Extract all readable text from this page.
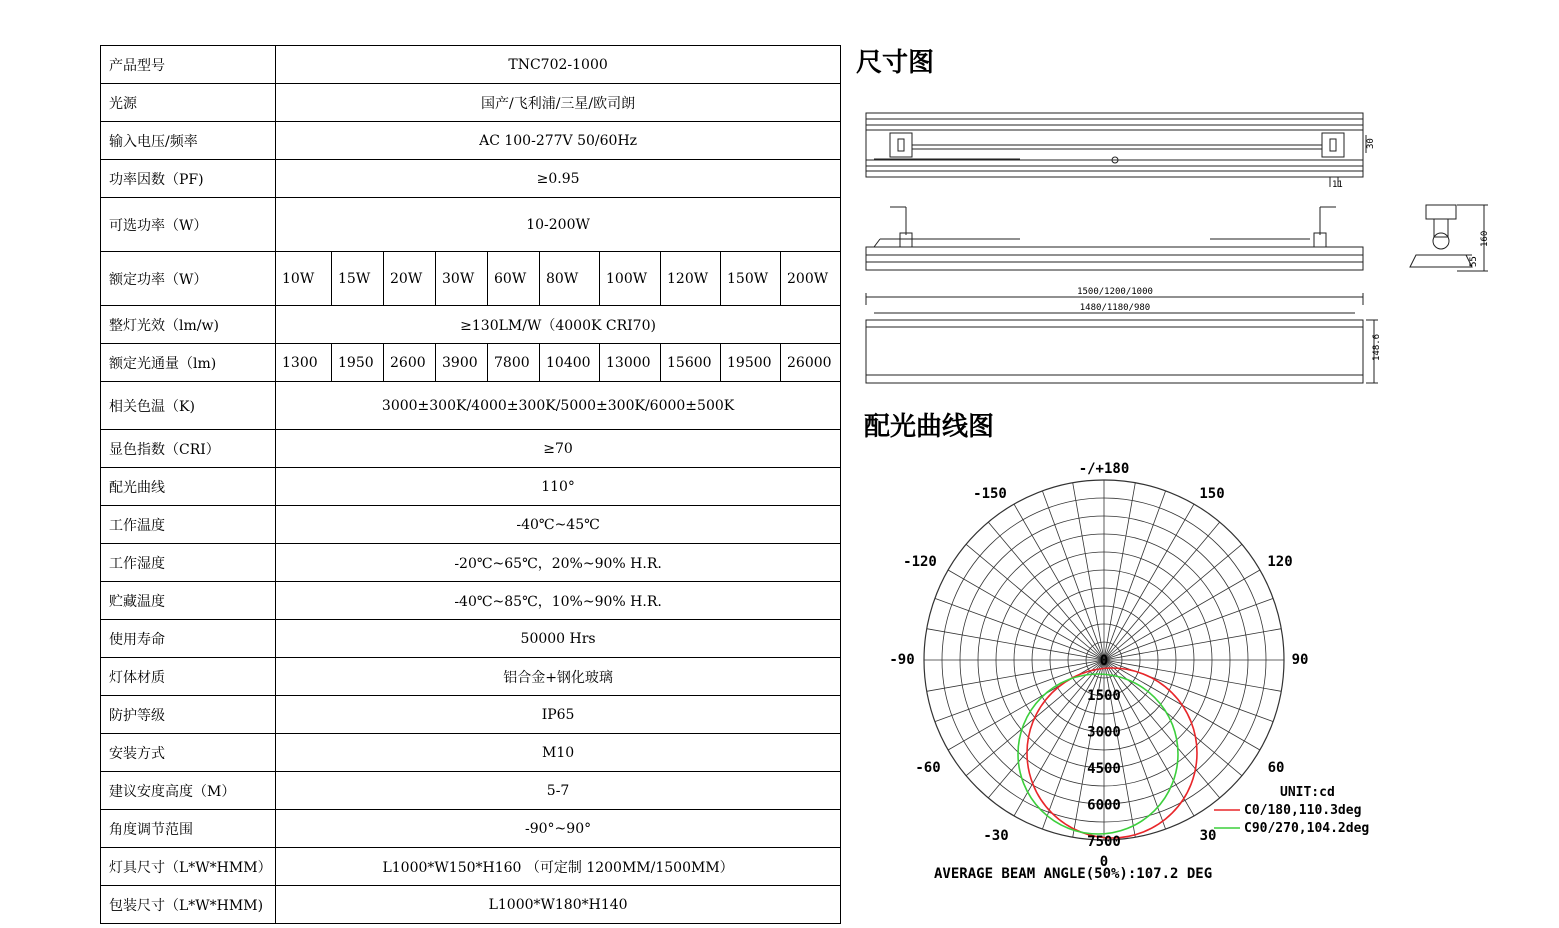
产品型号	TNC702-1000									
光源	国产/飞利浦/三星/欧司朗									
输入电压/频率	AC 100-277V 50/60Hz									
功率因数（PF)	≥0.95									
可选功率（W）	10-200W									
额定功率（W）	10W	15W	20W	30W	60W	80W	100W	120W	150W	200W
整灯光效（lm/w)	≥130LM/W（4000K CRI70)									
额定光通量（lm)	1300	1950	2600	3900	7800	10400	13000	15600	19500	26000
相关色温（K)	3000±300K/4000±300K/5000±300K/6000±500K									
显色指数（CRI）	≥70									
配光曲线	110°									
工作温度	-40℃~45℃									
工作湿度	-20℃~65℃，20%~90% H.R.									
贮藏温度	-40℃~85℃，10%~90% H.R.									
使用寿命	50000 Hrs									
灯体材质	铝合金+钢化玻璃									
防护等级	IP65									
安装方式	M10									
建议安度高度（M）	5-7									
角度调节范围	-90°~90°									
灯具尺寸（L*W*HMM）	L1000*W150*H160 （可定制 1200MM/1500MM）									
包装尺寸（L*W*HMM)	L1000*W180*H140									
尺寸图
30
11
160
55
1500/1200/1000
1480/1180/980
148.6
配光曲线图
-/+180
-150	150
-120	120
-90	90
-60	60
-30	30
0
0
1500
3000
4500
6000
7500
UNIT:cd
C0/180,110.3deg
C90/270,104.2deg
AVERAGE BEAM ANGLE(50%):107.2 DEG
